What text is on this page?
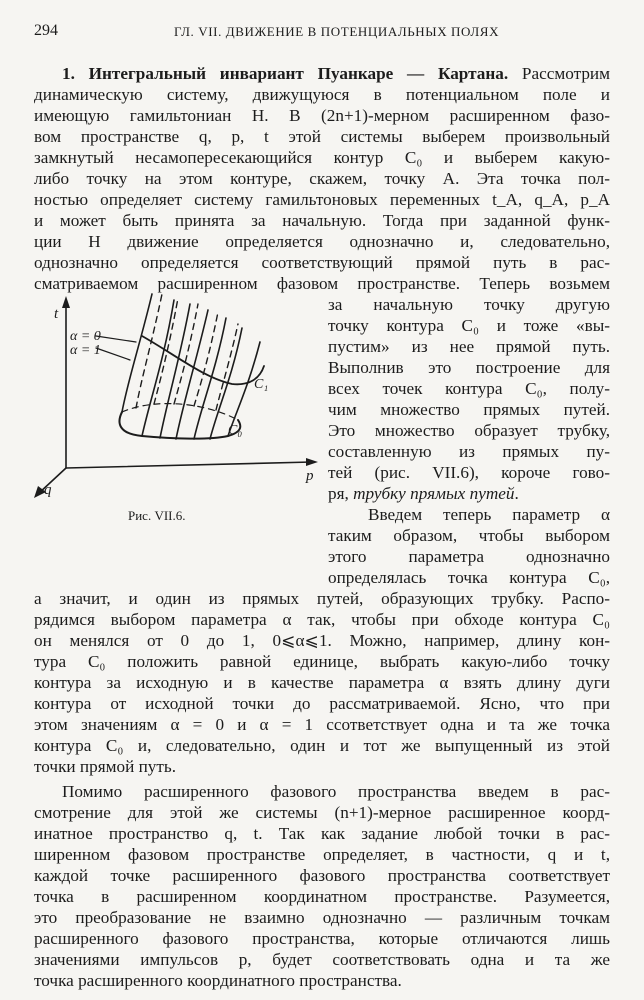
294	ГЛ. VII. ДВИЖЕНИЕ В ПОТЕНЦИАЛЬНЫХ ПОЛЯХ
1. Интегральный инвариант Пуанкаре — Картана. Рассмотрим
динамическую систему, движущуюся в потенциальном поле и
имеющую гамильтониан H. В (2n+1)-мерном расширенном фазо-
вом пространстве q, p, t этой системы выберем произвольный
замкнутый несамопересекающийся контур C₀ и выберем какую-
либо точку на этом контуре, скажем, точку A. Эта точка пол-
ностью определяет систему гамильтоновых переменных t_A, q_A, p_A
и может быть принята за начальную. Тогда при заданной функ-
ции H движение определяется однозначно и, следовательно,
однозначно определяется соответствующий прямой путь в рас-
сматриваемом расширенном фазовом пространстве. Теперь возьмем
за начальную точку другую
точку контура C₀ и тоже «вы-
пустим» из нее прямой путь.
Выполнив это построение для
всех точек контура C₀, полу-
чим множество прямых путей.
Это множество образует трубку,
составленную из прямых пу-
тей (рис. VII.6), короче гово-
ря, трубку прямых путей.
Введем теперь параметр α
таким образом, чтобы выбором
этого параметра однозначно
определялась точка контура C₀,
а значит, и один из прямых путей, образующих трубку. Распо-
рядимся выбором параметра α так, чтобы при обходе контура C₀
он менялся от 0 до 1, 0⩽α⩽1. Можно, например, длину кон-
тура C₀ положить равной единице, выбрать какую-либо точку
контура за исходную и в качестве параметра α взять длину дуги
контура от исходной точки до рассматриваемой. Ясно, что при
этом значениям α = 0 и α = 1 ссответствует одна и та же точка
контура C₀ и, следовательно, один и тот же выпущенный из этой
точки прямой путь.
Помимо расширенного фазового пространства введем в рас-
смотрение для этой же системы (n+1)-мерное расширенное коорд-
инатное пространство q, t. Так как задание любой точки в рас-
ширенном фазовом пространстве определяет, в частности, q и t,
каждой точке расширенного фазового пространства соответствует
точка в расширенном координатном пространстве. Разумеется,
это преобразование не взаимно однозначно — различным точкам
расширенного фазового пространства, которые отличаются лишь
значениями импульсов p, будет соответствовать одна и та же
точка расширенного координатного пространства.
t
p
q
α = 0
α = 1
C₁
C₀
Рис. VII.6.
